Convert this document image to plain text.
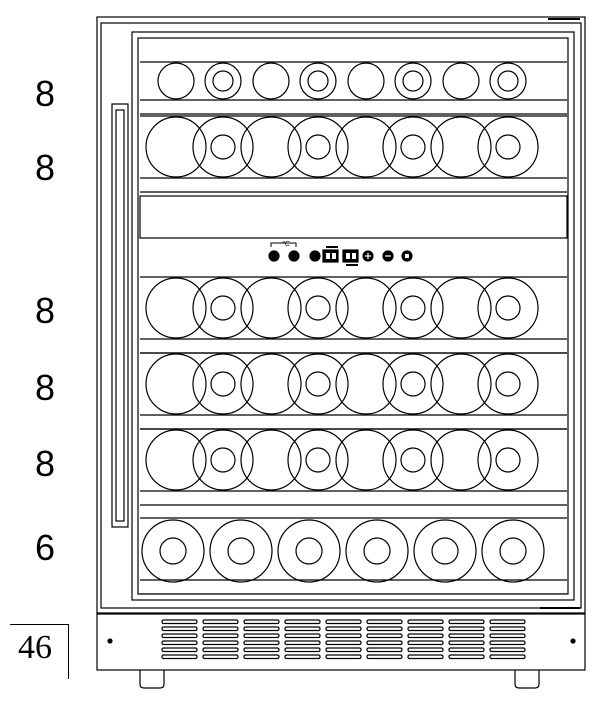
℃
8
8
8
8
8
6
46
